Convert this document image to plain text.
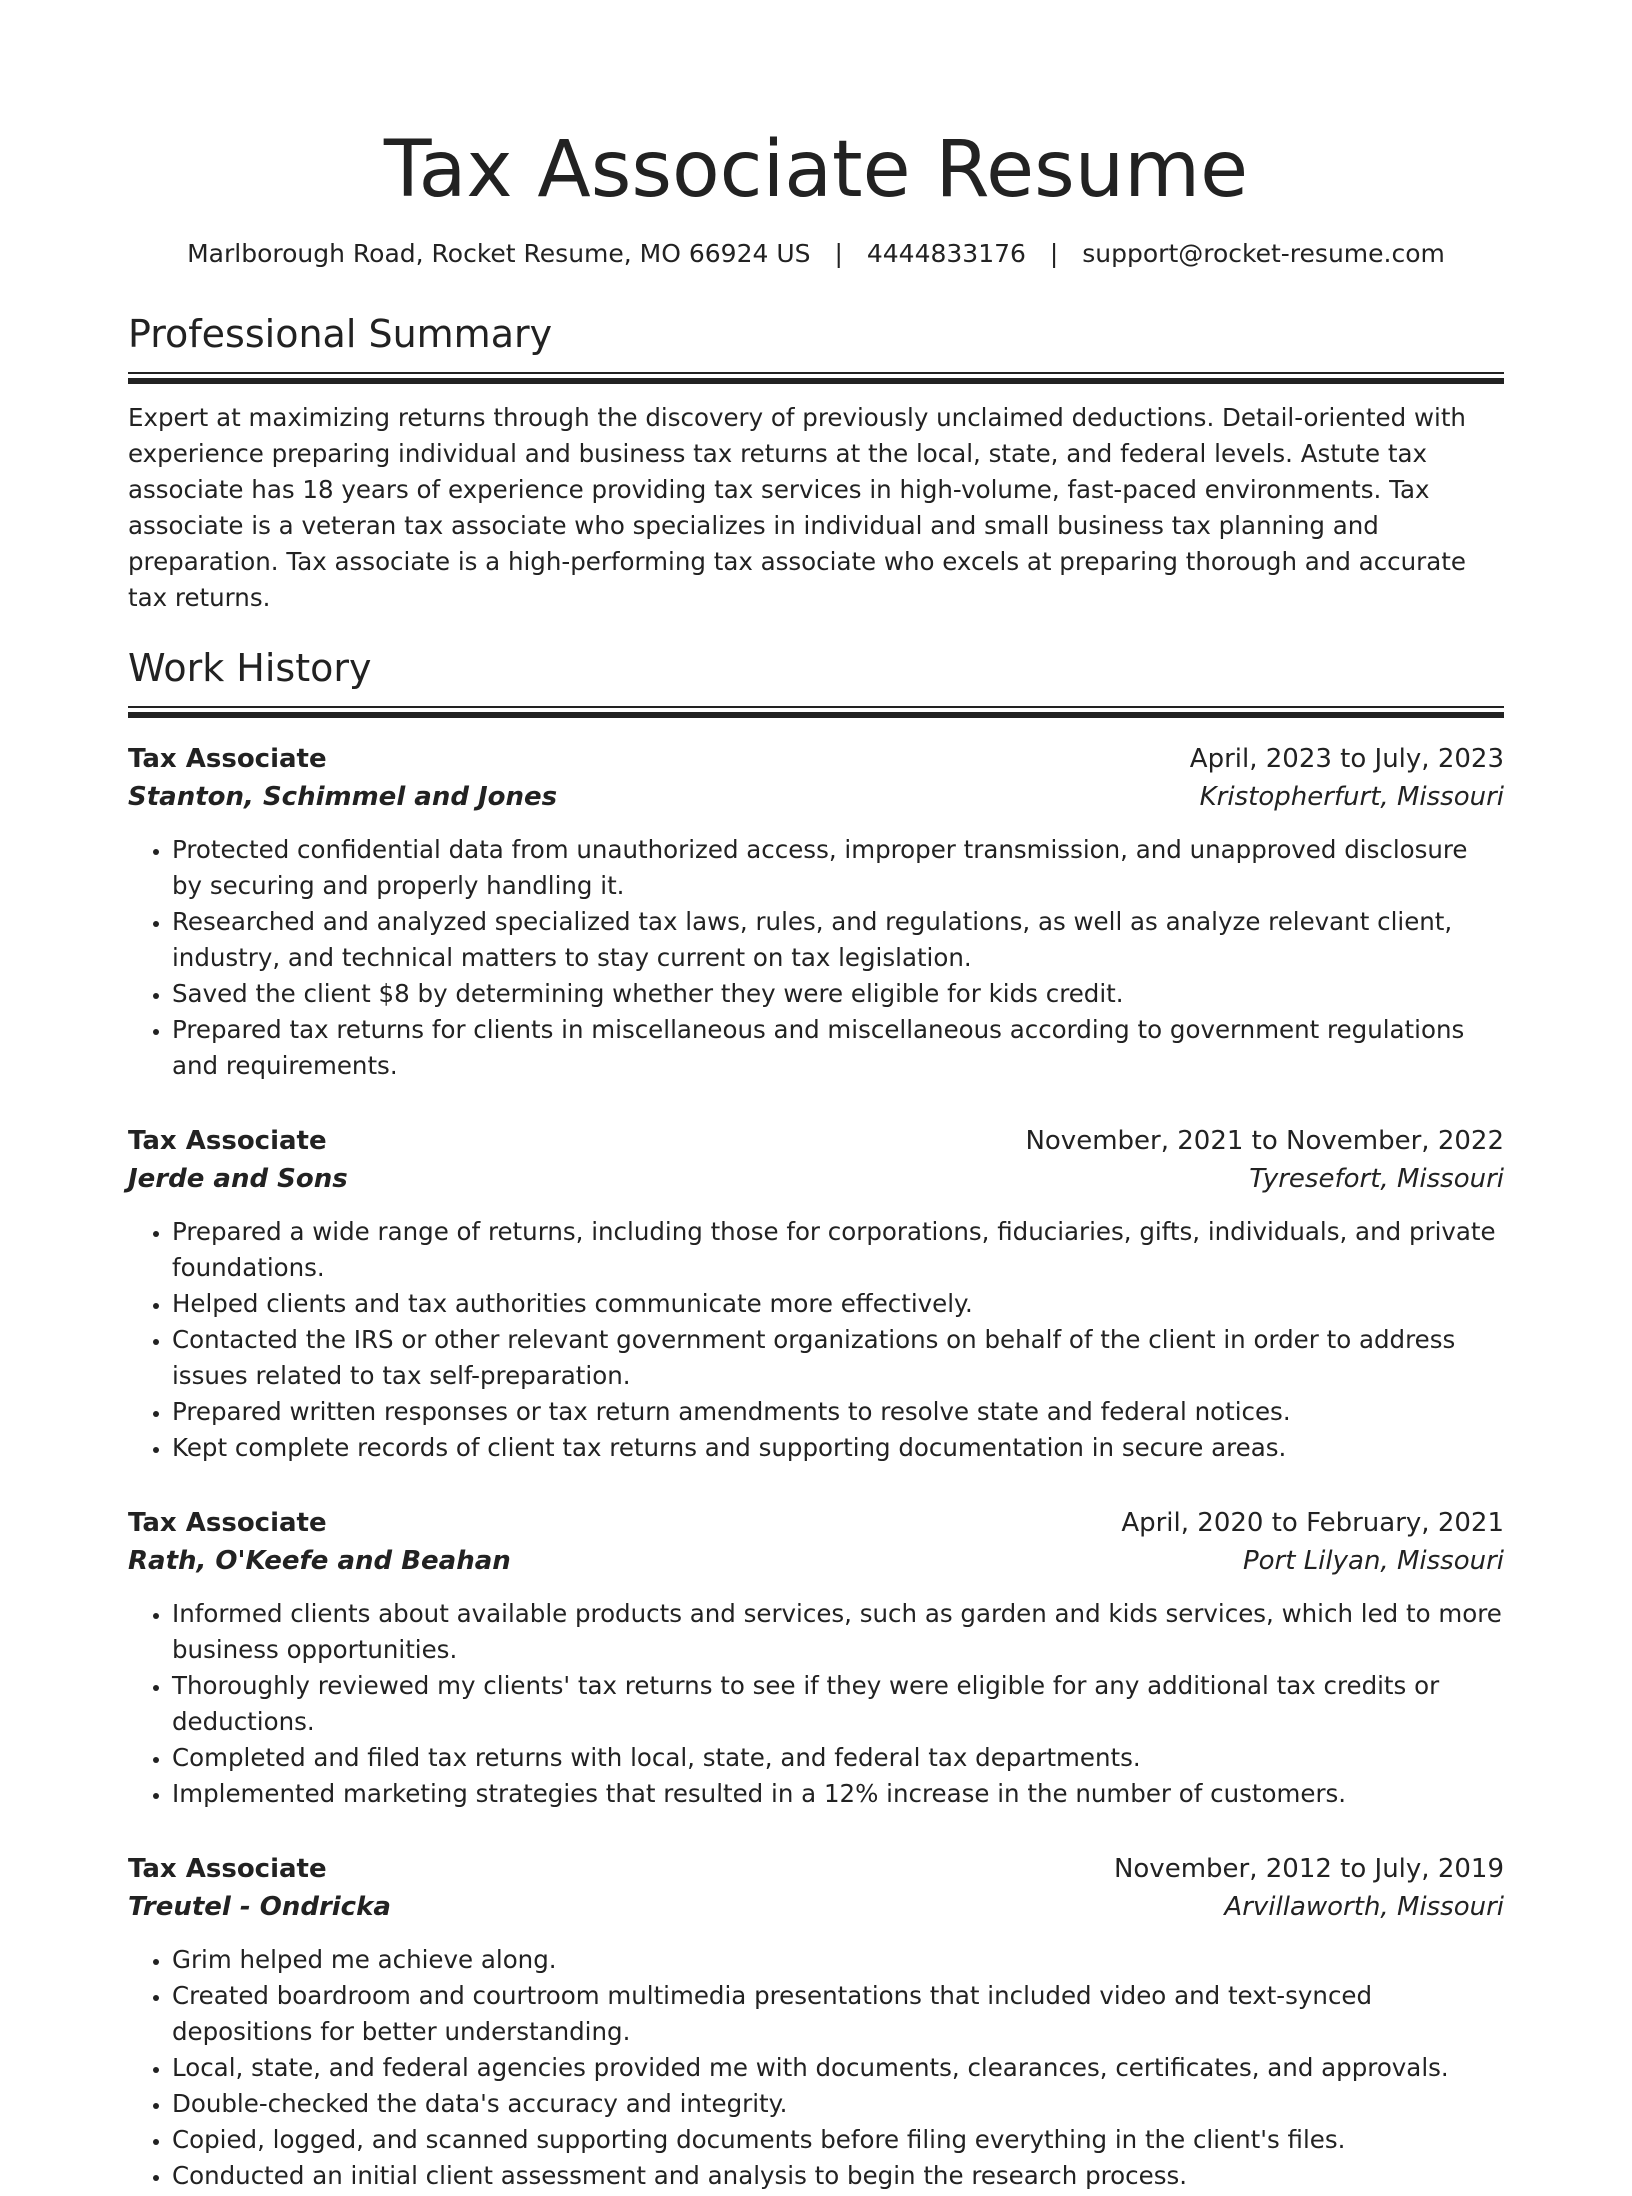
Tax Associate Resume
Marlborough Road, Rocket Resume, MO 66924 US | 4444833176 | support@rocket-resume.com
Professional Summary

Expert at maximizing returns through the discovery of previously unclaimed deductions. Detail-oriented with experience preparing individual and business tax returns at the local, state, and federal levels. Astute tax associate has 18 years of experience providing tax services in high-volume, fast-paced environments. Tax associate is a veteran tax associate who specializes in individual and small business tax planning and preparation. Tax associate is a high-performing tax associate who excels at preparing thorough and accurate tax returns.

Work History
Tax Associate	April, 2023 to July, 2023
Stanton, Schimmel and Jones	Kristopherfurt, Missouri
• Protected confidential data from unauthorized access, improper transmission, and unapproved disclosure by securing and properly handling it.
• Researched and analyzed specialized tax laws, rules, and regulations, as well as analyze relevant client, industry, and technical matters to stay current on tax legislation.
• Saved the client $8 by determining whether they were eligible for kids credit.
• Prepared tax returns for clients in miscellaneous and miscellaneous according to government regulations and requirements.
Tax Associate	November, 2021 to November, 2022
Jerde and Sons	Tyresefort, Missouri
• Prepared a wide range of returns, including those for corporations, fiduciaries, gifts, individuals, and private foundations.
• Helped clients and tax authorities communicate more effectively.
• Contacted the IRS or other relevant government organizations on behalf of the client in order to address issues related to tax self-preparation.
• Prepared written responses or tax return amendments to resolve state and federal notices.
• Kept complete records of client tax returns and supporting documentation in secure areas.
Tax Associate	April, 2020 to February, 2021
Rath, O'Keefe and Beahan	Port Lilyan, Missouri
• Informed clients about available products and services, such as garden and kids services, which led to more business opportunities.
• Thoroughly reviewed my clients' tax returns to see if they were eligible for any additional tax credits or deductions.
• Completed and filed tax returns with local, state, and federal tax departments.
• Implemented marketing strategies that resulted in a 12% increase in the number of customers.
Tax Associate	November, 2012 to July, 2019
Treutel - Ondricka	Arvillaworth, Missouri
• Grim helped me achieve along.
• Created boardroom and courtroom multimedia presentations that included video and text-synced depositions for better understanding.
• Local, state, and federal agencies provided me with documents, clearances, certificates, and approvals.
• Double-checked the data's accuracy and integrity.
• Copied, logged, and scanned supporting documents before filing everything in the client's files.
• Conducted an initial client assessment and analysis to begin the research process.
